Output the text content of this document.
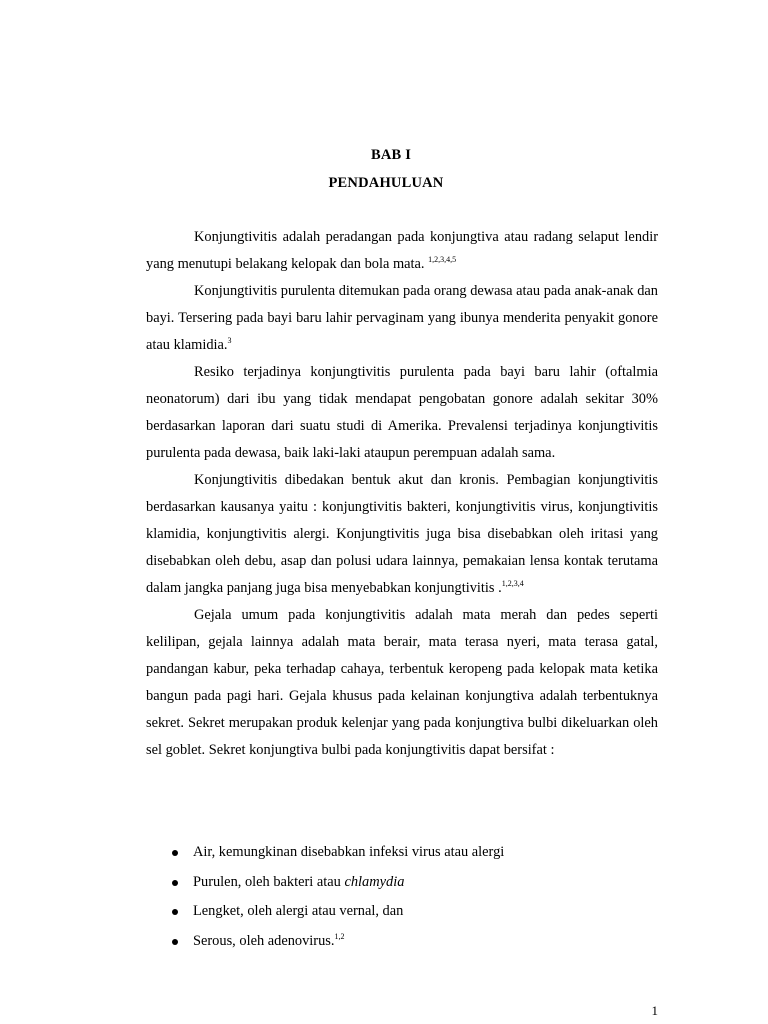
BAB I
PENDAHULUAN

Konjungtivitis adalah peradangan pada konjungtiva atau radang selaput lendir yang menutupi belakang kelopak dan bola mata. $^{1,2,3,4,5}$

Konjungtivitis purulenta ditemukan pada orang dewasa atau pada anak-anak dan bayi. Tersering pada bayi baru lahir pervaginam yang ibunya menderita penyakit gonore atau klamidia.$^3$

Resiko terjadinya konjungtivitis purulenta pada bayi baru lahir (oftalmia neonatorum) dari ibu yang tidak mendapat pengobatan gonore adalah sekitar 30% berdasarkan laporan dari suatu studi di Amerika. Prevalensi terjadinya konjungtivitis purulenta pada dewasa, baik laki-laki ataupun perempuan adalah sama.

Konjungtivitis dibedakan bentuk akut dan kronis. Pembagian konjungtivitis berdasarkan kausanya yaitu : konjungtivitis bakteri, konjungtivitis virus, konjungtivitis klamidia, konjungtivitis alergi. Konjungtivitis juga bisa disebabkan oleh iritasi yang disebabkan oleh debu, asap dan polusi udara lainnya, pemakaian lensa kontak terutama dalam jangka panjang juga bisa menyebabkan konjungtivitis .$^{1,2,3,4}$

Gejala umum pada konjungtivitis adalah mata merah dan pedes seperti kelilipan, gejala lainnya adalah mata berair, mata terasa nyeri, mata terasa gatal, pandangan kabur, peka terhadap cahaya, terbentuk keropeng pada kelopak mata ketika bangun pada pagi hari. Gejala khusus pada kelainan konjungtiva adalah terbentuknya sekret. Sekret merupakan produk kelenjar yang pada konjungtiva bulbi dikeluarkan oleh sel goblet. Sekret konjungtiva bulbi pada konjungtivitis dapat bersifat :

Air, kemungkinan disebabkan infeksi virus atau alergi
Purulen, oleh bakteri atau chlamydia
Lengket, oleh alergi atau vernal, dan
Serous, oleh adenovirus.$^{1,2}$
1
